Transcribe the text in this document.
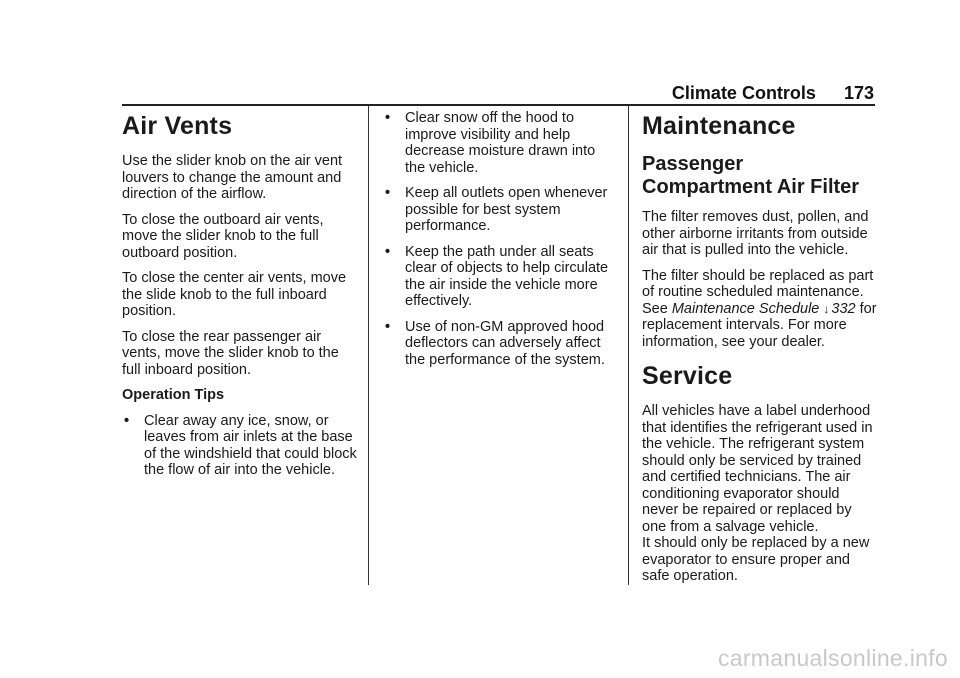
Climate Controls 173
Air Vents

Use the slider knob on the air vent louvers to change the amount and direction of the airflow.

To close the outboard air vents, move the slider knob to the full outboard position.

To close the center air vents, move the slide knob to the full inboard position.

To close the rear passenger air vents, move the slider knob to the full inboard position.

Operation Tips
• Clear away any ice, snow, or leaves from air inlets at the base of the windshield that could block the flow of air into the vehicle.
• Clear snow off the hood to improve visibility and help decrease moisture drawn into the vehicle.
• Keep all outlets open whenever possible for best system performance.
• Keep the path under all seats clear of objects to help circulate the air inside the vehicle more effectively.
• Use of non-GM approved hood deflectors can adversely affect the performance of the system.
Maintenance
Passenger Compartment Air Filter

The filter removes dust, pollen, and other airborne irritants from outside air that is pulled into the vehicle.

The filter should be replaced as part of routine scheduled maintenance. See Maintenance Schedule ↓ 332 for replacement intervals. For more information, see your dealer.

Service

All vehicles have a label underhood that identifies the refrigerant used in the vehicle. The refrigerant system should only be serviced by trained and certified technicians. The air conditioning evaporator should never be repaired or replaced by one from a salvage vehicle.

It should only be replaced by a new evaporator to ensure proper and safe operation.

carmanualsonline.info
